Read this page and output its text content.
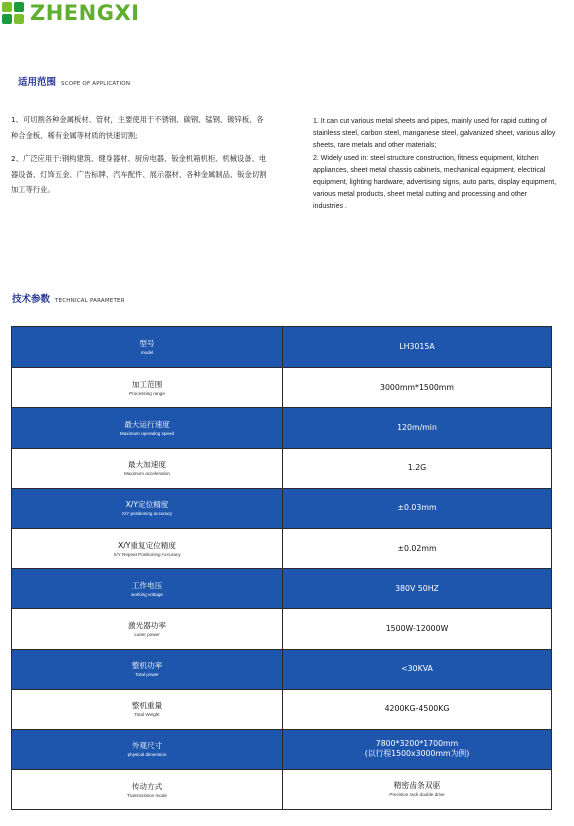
ZHENGXI
适用范围 SCOPE OF APPLICATION

1、可切割各种金属板材、管材，主要使用于不锈钢、碳钢、锰钢、镀锌板、各种合金板、稀有金属等材质的快速切割;

2、广泛应用于:钢构建筑、健身器材、厨房电器、钣金机箱机柜、机械设备、电器设备、灯饰五金、广告标牌、汽车配件、展示器材、各种金属制品、钣金切割加工等行业。

1. It can cut various metal sheets and pipes, mainly used for rapid cutting of stainless steel, carbon steel, manganese steel, galvanized sheet, various alloy sheets, rare metals and other materials;
2. Widely used in: steel structure construction, fitness equipment, kitchen appliances, sheet metal chassis cabinets, mechanical equipment, electrical equipment, lighting hardware, advertising signs, auto parts, display equipment, various metal products, sheet metal cutting and processing and other industries .
技术参数 TECHNICAL PARAMETER
型号
model
LH3015A
加工范围
Processing range
3000mm*1500mm
最大运行速度
Maximum operating speed
120m/min
最大加速度
Maximum acceleration
1.2G
X/Y定位精度
X/Y positioning accuracy
±0.03mm
X/Y重复定位精度
X/Y Repeat Positioning Accuracy
±0.02mm
工作电压
working voltage
380V 50HZ
激光器功率
Laser power
1500W-12000W
整机功率
Total power
<30KVA
整机重量
Total Weight
4200KG-4500KG
外观尺寸
physical dimension
7800*3200*1700mm
(以行程1500x3000mm为例)
传动方式
Transmission mode
精密齿条双驱
Precision rack double drive
